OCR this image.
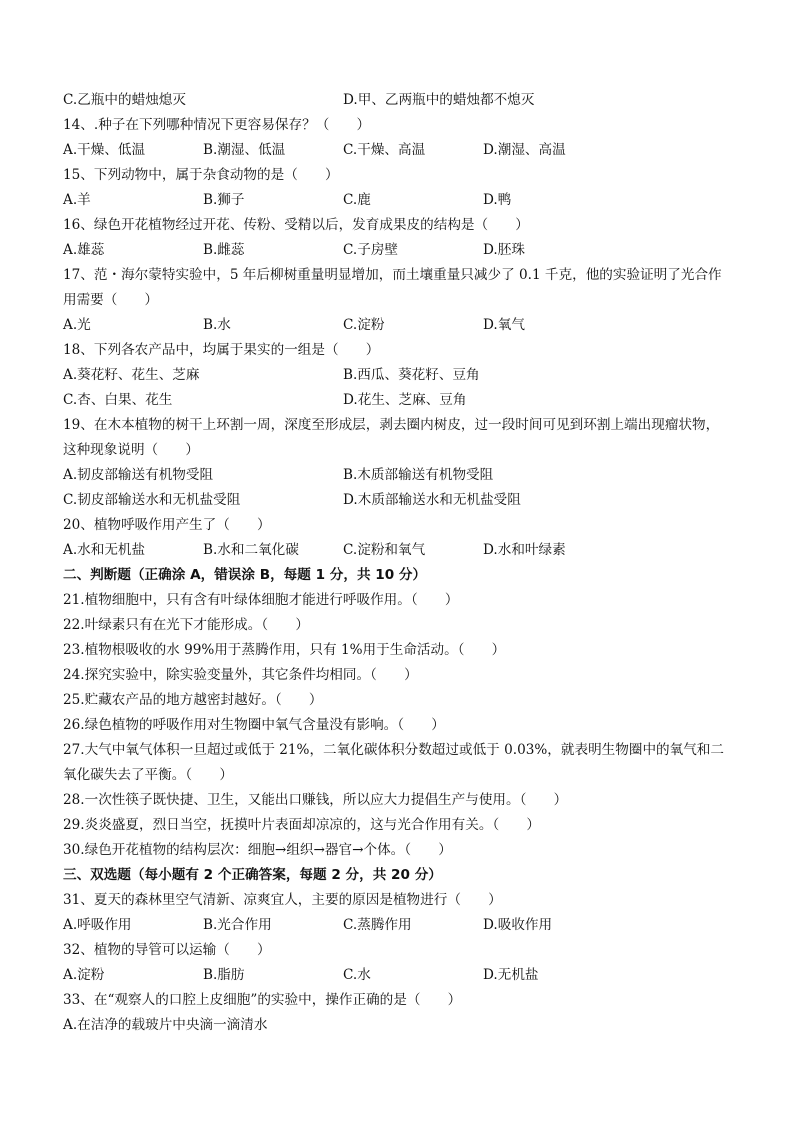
C.乙瓶中的蜡烛熄灭	D.甲、乙两瓶中的蜡烛都不熄灭
14、.种子在下列哪种情况下更容易保存？（　　）
A.干燥、低温	B.潮湿、低温	C.干燥、高温	D.潮湿、高温
15、下列动物中，属于杂食动物的是（　　）
A.羊	B.狮子	C.鹿	D.鸭
16、绿色开花植物经过开花、传粉、受精以后，发育成果皮的结构是（　　）
A.雄蕊	B.雌蕊	C.子房壁	D.胚珠
17、范・海尔蒙特实验中，5 年后柳树重量明显增加，而土壤重量只减少了 0.1 千克，他的实验证明了光合作
用需要（　　）
A.光	B.水	C.淀粉	D.氧气
18、下列各农产品中，均属于果实的一组是（　　）
A.葵花籽、花生、芝麻	B.西瓜、葵花籽、豆角
C.杏、白果、花生	D.花生、芝麻、豆角
19、在木本植物的树干上环割一周，深度至形成层，剥去圈内树皮，过一段时间可见到环割上端出现瘤状物，
这种现象说明（　　）
A.韧皮部输送有机物受阻	B.木质部输送有机物受阻
C.韧皮部输送水和无机盐受阻	D.木质部输送水和无机盐受阻
20、植物呼吸作用产生了（　　）
A.水和无机盐	B.水和二氧化碳	C.淀粉和氧气	D.水和叶绿素
二、判断题（正确涂 A，错误涂 B，每题 1 分，共 10 分）
21.植物细胞中，只有含有叶绿体细胞才能进行呼吸作用。（　　）
22.叶绿素只有在光下才能形成。（　　）
23.植物根吸收的水 99%用于蒸腾作用，只有 1%用于生命活动。（　　）
24.探究实验中，除实验变量外，其它条件均相同。（　　）
25.贮藏农产品的地方越密封越好。（　　）
26.绿色植物的呼吸作用对生物圈中氧气含量没有影响。（　　）
27.大气中氧气体积一旦超过或低于 21%，二氧化碳体积分数超过或低于 0.03%，就表明生物圈中的氧气和二
氧化碳失去了平衡。（　　）
28.一次性筷子既快捷、卫生，又能出口赚钱，所以应大力提倡生产与使用。（　　）
29.炎炎盛夏，烈日当空，抚摸叶片表面却凉凉的，这与光合作用有关。（　　）
30.绿色开花植物的结构层次：细胞→组织→器官→个体。（　　）
三、双选题（每小题有 2 个正确答案，每题 2 分，共 20 分）
31、夏天的森林里空气清新、凉爽宜人，主要的原因是植物进行（　　）
A.呼吸作用	B.光合作用	C.蒸腾作用	D.吸收作用
32、植物的导管可以运输（　　）
A.淀粉	B.脂肪	C.水	D.无机盐
33、在“观察人的口腔上皮细胞”的实验中，操作正确的是（　　）
A.在洁净的载玻片中央滴一滴清水
